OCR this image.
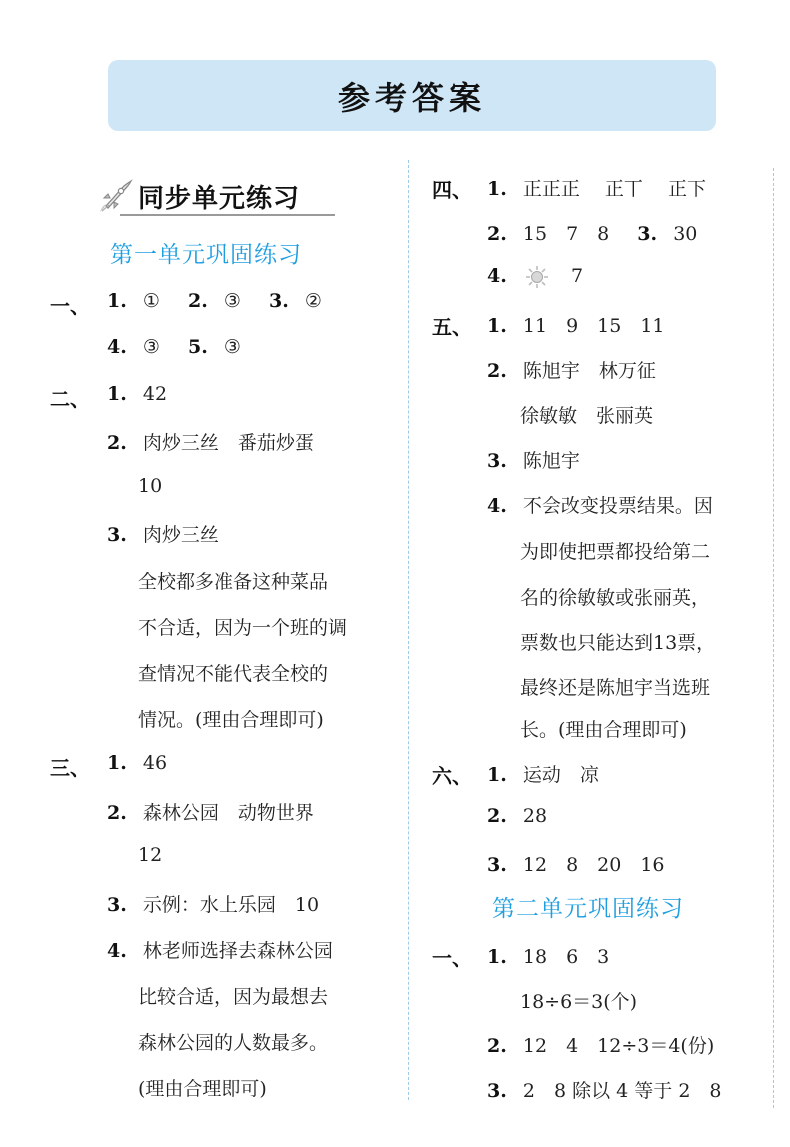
参考答案
同步单元练习
第一单元巩固练习
一、 1. ① 2. ③ 3. ②
4. ③ 5. ③
二、 1. 42
2. 肉炒三丝　番茄炒蛋
10
3. 肉炒三丝
全校都多准备这种菜品
不合适，因为一个班的调
查情况不能代表全校的
情况。(理由合理即可)
三、 1. 46
2. 森林公园　动物世界
12
3. 示例：水上乐园　10
4. 林老师选择去森林公园
比较合适，因为最想去
森林公园的人数最多。
(理由合理即可)
四、 1. 正正正　 正丅　 正下
2. 15　7　8 3. 30
4.	7
五、 1. 11　9　15　11
2. 陈旭宇　林万征
徐敏敏　张丽英
3. 陈旭宇
4. 不会改变投票结果。因
为即使把票都投给第二
名的徐敏敏或张丽英，
票数也只能达到13票，
最终还是陈旭宇当选班
长。(理由合理即可)
六、 1. 运动　凉
2. 28
3. 12　8　20　16
第二单元巩固练习
一、 1. 18　6　3
18÷6＝3(个)
2. 12　4　12÷3＝4(份)
3. 2　8 除以 4 等于 2　8
